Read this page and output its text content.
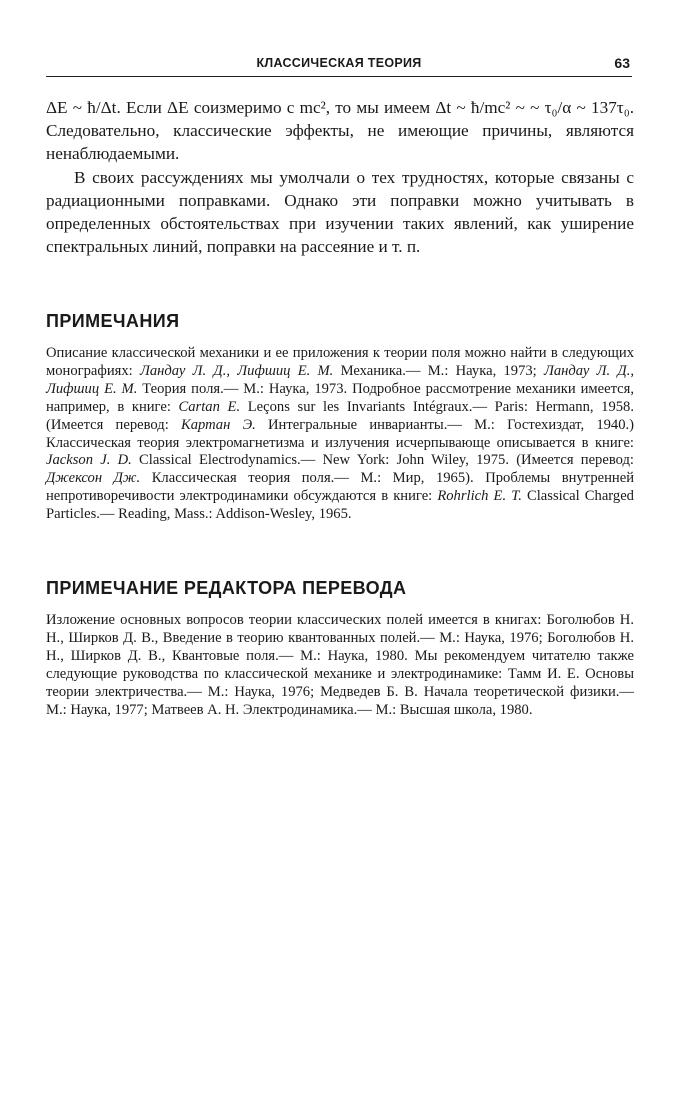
КЛАССИЧЕСКАЯ ТЕОРИЯ	63

ΔE ~ ħ/Δt. Если ΔE соизмеримо с mc², то мы имеем Δt ~ ħ/mc² ~ ~ τ₀/α ~ 137τ₀. Следовательно, классические эффекты, не имеющие причины, являются ненаблюдаемыми.

В своих рассуждениях мы умолчали о тех трудностях, которые связаны с радиационными поправками. Однако эти поправки можно учитывать в определенных обстоятельствах при изучении таких явлений, как уширение спектральных линий, поправки на рассеяние и т. п.

ПРИМЕЧАНИЯ

Описание классической механики и ее приложения к теории поля можно найти в следующих монографиях: Ландау Л. Д., Лифшиц Е. М. Механика.— М.: Наука, 1973; Ландау Л. Д., Лифшиц Е. М. Теория поля.— М.: Наука, 1973. Подробное рассмотрение механики имеется, например, в книге: Cartan E. Leçons sur les Invariants Intégraux.— Paris: Hermann, 1958. (Имеется перевод: Картан Э. Интегральные инварианты.— М.: Гостехиздат, 1940.) Классическая теория электромагнетизма и излучения исчерпывающе описывается в книге: Jackson J. D. Classical Electrodynamics.— New York: John Wiley, 1975. (Имеется перевод: Джексон Дж. Классическая теория поля.— М.: Мир, 1965). Проблемы внутренней непротиворечивости электродинамики обсуждаются в книге: Rohrlich E. T. Classical Charged Particles.— Reading, Mass.: Addison-Wesley, 1965.

ПРИМЕЧАНИЕ РЕДАКТОРА ПЕРЕВОДА

Изложение основных вопросов теории классических полей имеется в книгах: Боголюбов Н. Н., Ширков Д. В., Введение в теорию квантованных полей.— М.: Наука, 1976; Боголюбов Н. Н., Ширков Д. В., Квантовые поля.— М.: Наука, 1980. Мы рекомендуем читателю также следующие руководства по классической механике и электродинамике: Тамм И. Е. Основы теории электричества.— М.: Наука, 1976; Медведев Б. В. Начала теоретической физики.— М.: Наука, 1977; Матвеев А. Н. Электродинамика.— М.: Высшая школа, 1980.
